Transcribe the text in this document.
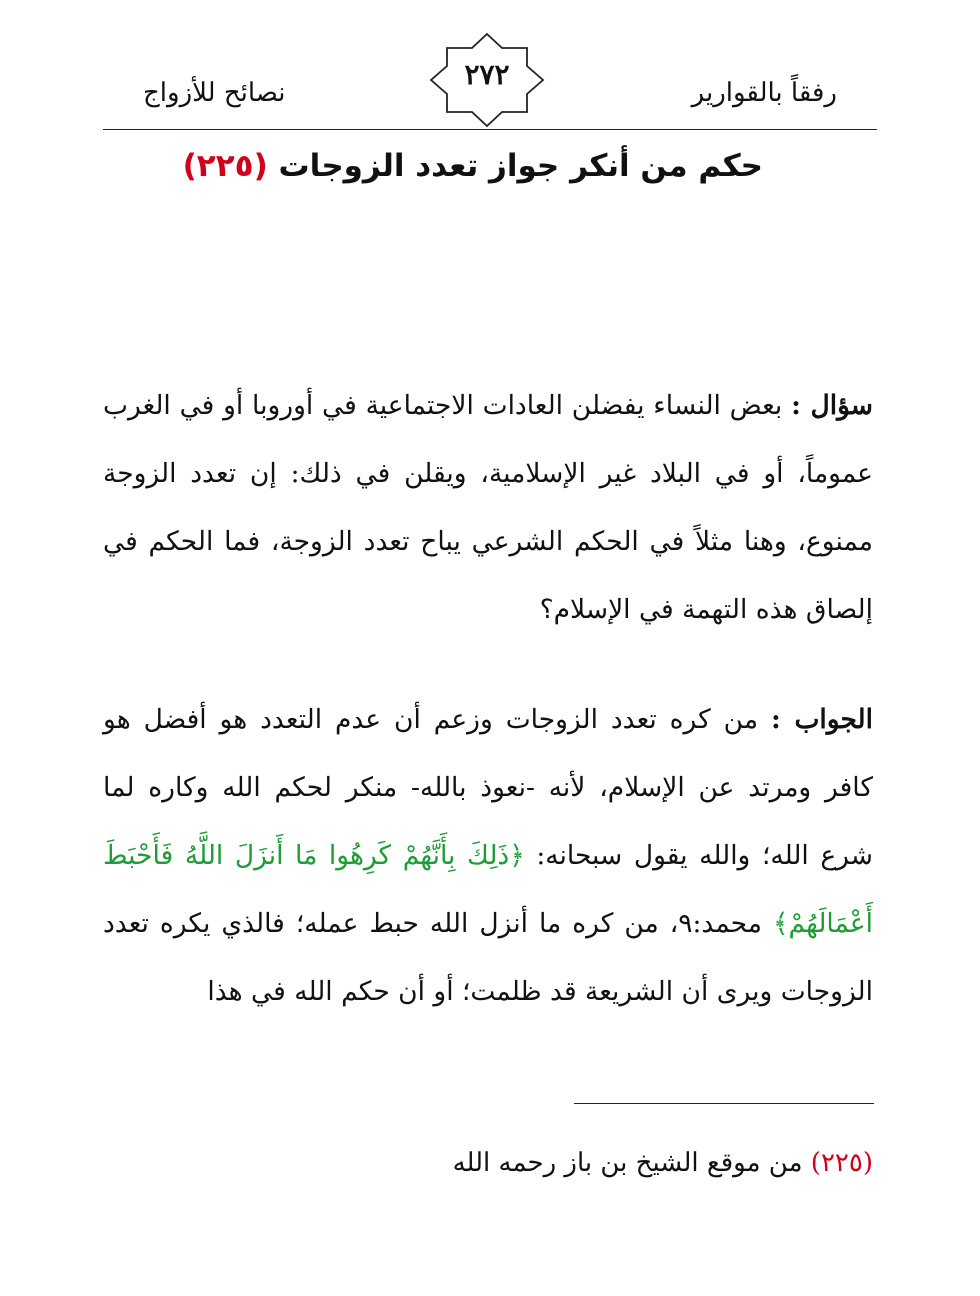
رفقاً بالقوارير
٢٧٢
نصائح للأزواج
حكم من أنكر جواز تعدد الزوجات (٢٢٥)
سؤال : بعض النساء يفضلن العادات الاجتماعية في أوروبا أو في الغرب عموماً، أو في البلاد غير الإسلامية، ويقلن في ذلك: إن تعدد الزوجة ممنوع، وهنا مثلاً في الحكم الشرعي يباح تعدد الزوجة، فما الحكم في إلصاق هذه التهمة في الإسلام؟
الجواب : من كره تعدد الزوجات وزعم أن عدم التعدد هو أفضل هو كافر ومرتد عن الإسلام، لأنه -نعوذ بالله- منكر لحكم الله وكاره لما شرع الله؛ والله يقول سبحانه: ﴿ذَلِكَ بِأَنَّهُمْ كَرِهُوا مَا أَنزَلَ اللَّهُ فَأَحْبَطَ أَعْمَالَهُمْ﴾ محمد:٩، من كره ما أنزل الله حبط عمله؛ فالذي يكره تعدد الزوجات ويرى أن الشريعة قد ظلمت؛ أو أن حكم الله في هذا
(٢٢٥) من موقع الشيخ بن باز رحمه الله
